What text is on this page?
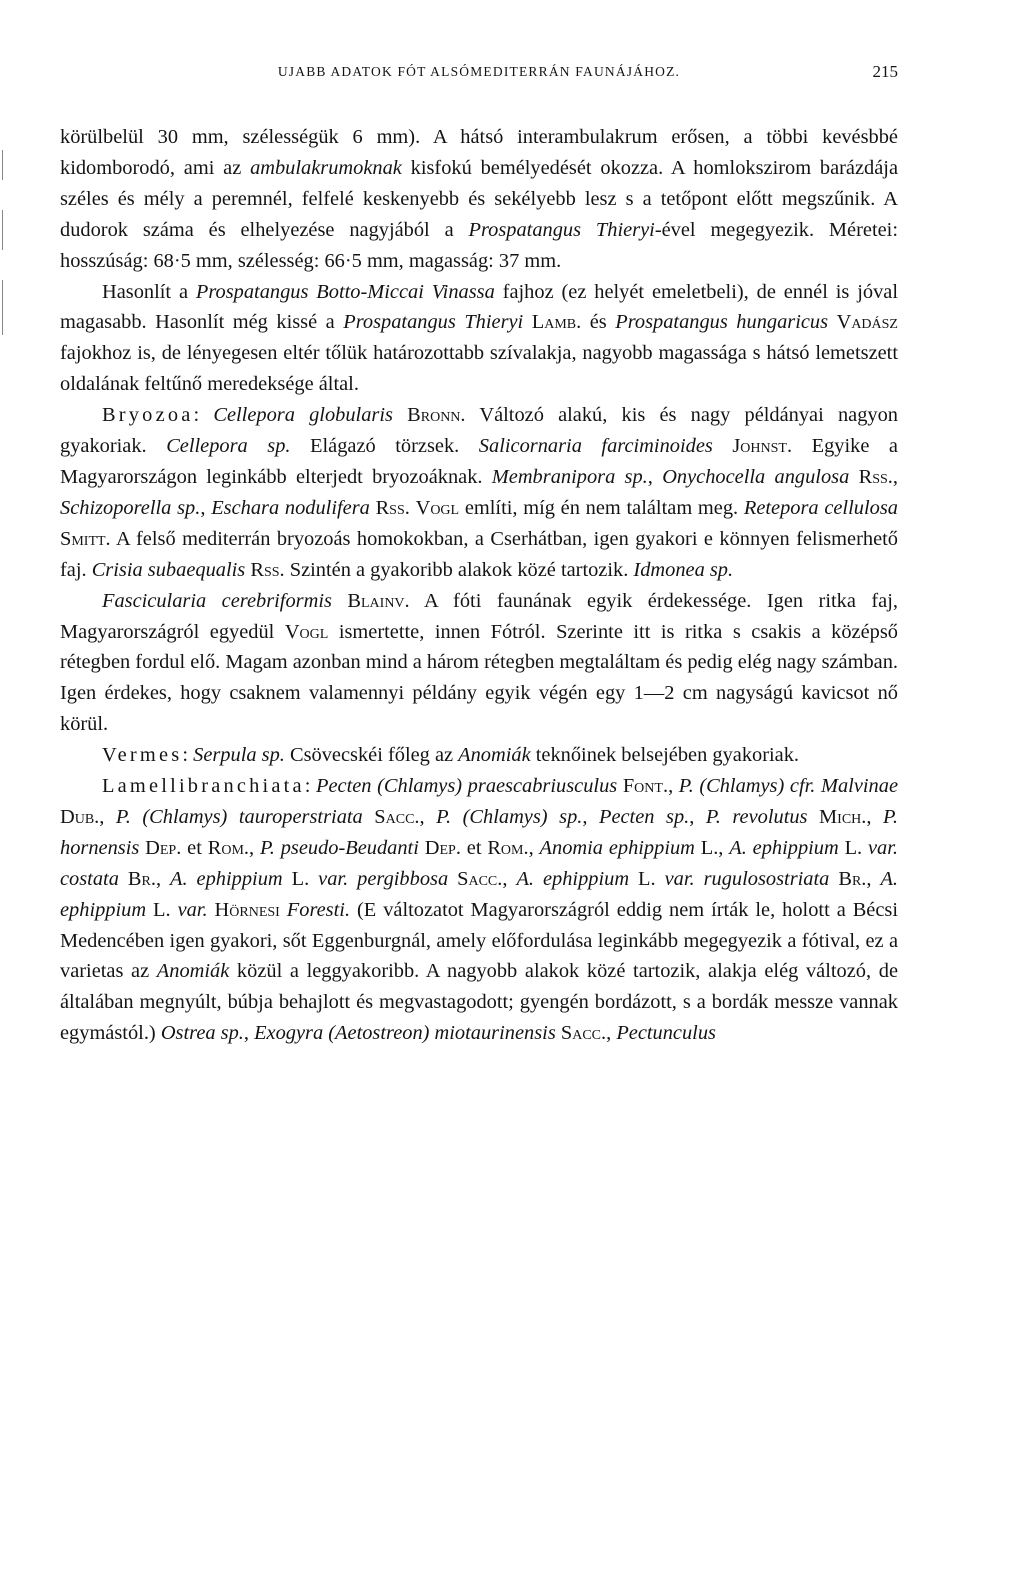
UJABB ADATOK FÓT ALSÓMEDITERRÁN FAUNÁJÁHOZ.	215

körülbelül 30 mm, szélességük 6 mm). A hátsó interambulakrum erősen, a többi kevésbbé kidomborodó, ami az ambulakrumoknak kisfokú bemélyedését okozza. A homlokszirom barázdája széles és mély a peremnél, felfelé keskenyebb és sekélyebb lesz s a tetőpont előtt megszűnik. A dudorok száma és elhelyezése nagyjából a Prospatangus Thieryi-ével megegyezik. Méretei: hosszúság: 68·5 mm, szélesség: 66·5 mm, magasság: 37 mm.

Hasonlít a Prospatangus Botto-Miccai Vinassa fajhoz (ez helyét emeletbeli), de ennél is jóval magasabb. Hasonlít még kissé a Prospatangus Thieryi Lamb. és Prospatangus hungaricus Vadász fajokhoz is, de lényegesen eltér tőlük határozottabb szívalakja, nagyobb magassága s hátsó lemetszett oldalának feltűnő meredeksége által.

Bryozoa: Cellepora globularis Bronn. Változó alakú, kis és nagy példányai nagyon gyakoriak. Cellepora sp. Elágazó törzsek. Salicornaria farciminoides Johnst. Egyike a Magyarországon leginkább elterjedt bryozoáknak. Membranipora sp., Onychocella angulosa Rss., Schizoporella sp., Eschara nodulifera Rss. Vogl említi, míg én nem találtam meg. Retepora cellulosa Smitt. A felső mediterrán bryozoás homokokban, a Cserhátban, igen gyakori e könnyen felismerhető faj. Crisia subaequalis Rss. Szintén a gyakoribb alakok közé tartozik. Idmonea sp.

Fascicularia cerebriformis Blainv. A fóti faunának egyik érdekessége. Igen ritka faj, Magyarországról egyedül Vogl ismertette, innen Fótról. Szerinte itt is ritka s csakis a középső rétegben fordul elő. Magam azonban mind a három rétegben megtaláltam és pedig elég nagy számban. Igen érdekes, hogy csaknem valamennyi példány egyik végén egy 1—2 cm nagyságú kavicsot nő körül.

Vermes: Serpula sp. Csövecskéi főleg az Anomiák teknőinek belsejében gyakoriak.

Lamellibranchiata: Pecten (Chlamys) praescabriusculus Font., P. (Chlamys) cfr. Malvinae Dub., P. (Chlamys) tauroperstriata Sacc., P. (Chlamys) sp., Pecten sp., P. revolutus Mich., P. hornensis Dep. et Rom., P. pseudo-Beudanti Dep. et Rom., Anomia ephippium L., A. ephippium L. var. costata Br., A. ephippium L. var. pergibbosa Sacc., A. ephippium L. var. rugulosostriata Br., A. ephippium L. var. Hörnesi Foresti. (E változatot Magyarországról eddig nem írták le, holott a Bécsi Medencében igen gyakori, sőt Eggenburgnál, amely előfordulása leginkább megegyezik a fótival, ez a varietas az Anomiák közül a leggyakoribb. A nagyobb alakok közé tartozik, alakja elég változó, de általában megnyúlt, búbja behajlott és megvastagodott; gyengén bordázott, s a bordák messze vannak egymástól.) Ostrea sp., Exogyra (Aetostreon) miotaurinensis Sacc., Pectunculus
